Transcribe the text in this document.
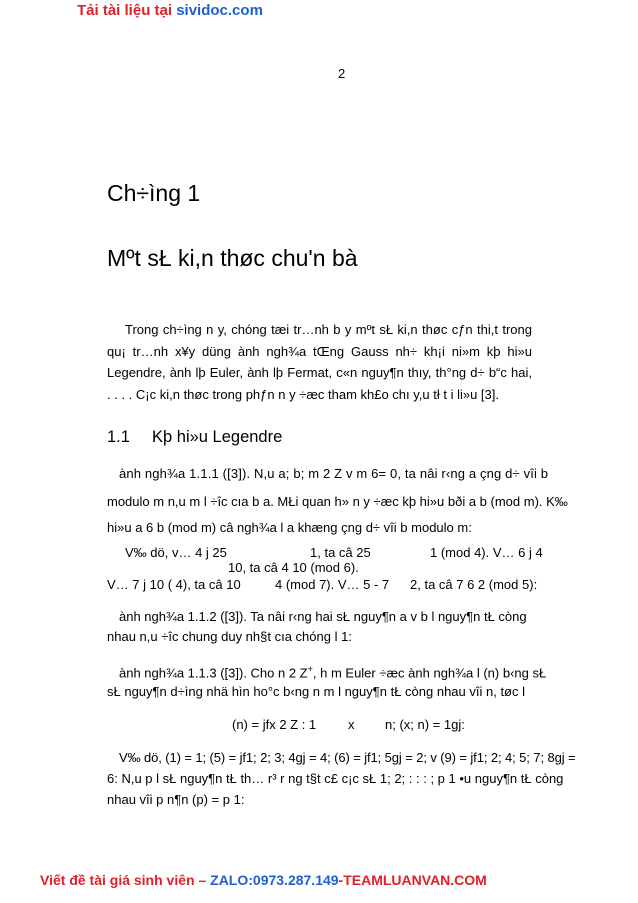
Tải tài liệu tại sividoc.com
2
Ch÷ìng 1
Mºt sŁ ki,n thøc chu'n bà

Trong ch÷ìng n y, chóng tæi tr…nh b y mºt sŁ ki,n thøc cƒn thi,t trong qu¡ tr…nh x¥y düng ành ngh¾a tŒng Gauss nh÷ kh¡i ni»m kþ hi»u Legendre, ành lþ Euler, ành lþ Fermat, c«n nguy¶n thıy, th°ng d÷ b“c hai, . . . . C¡c ki,n thøc trong phƒn n y ÷æc tham kh£o chı y,u tł t i li»u [3].

1.1 Kþ hi»u Legendre
ành ngh¾a 1.1.1 ([3]). N,u a; b; m 2 Z v m 6= 0, ta nâi r‹ng a çng d÷ vîi b
modulo m n,u m l ÷îc cıa b a. MŁi quan h» n y ÷æc kþ hi»u bði a b (mod m). K‰
hi»u a 6 b (mod m) câ ngh¾a l a khæng çng d÷ vîi b modulo m:
V‰ dö, v… 4 j 25	1, ta câ 25	1 (mod 4). V… 6 j 4
10, ta câ 4 10 (mod 6).
V… 7 j 10 ( 4), ta câ 10	4 (mod 7). V… 5 - 7 2, ta câ 7 6 2 (mod 5):
ành ngh¾a 1.1.2 ([3]). Ta nâi r‹ng hai sŁ nguy¶n a v b l nguy¶n tŁ còng
nhau n,u ÷îc chung duy nh§t cıa chóng l 1:
ành ngh¾a 1.1.3 ([3]). Cho n 2 Z+, h m Euler ÷æc ành ngh¾a l (n) b‹ng sŁ
sŁ nguy¶n d÷ìng nhä hìn ho°c b‹ng n m l nguy¶n tŁ còng nhau vîi n, tøc l
(n) = jfx 2 Z : 1 x n; (x; n) = 1gj:
V‰ dö, (1) = 1; (5) = jf1; 2; 3; 4gj = 4; (6) = jf1; 5gj = 2; v (9) = jf1; 2; 4; 5; 7; 8gj =
6: N,u p l sŁ nguy¶n tŁ th… r³ r ng t§t c£ c¡c sŁ 1; 2; : : : ; p 1 •u nguy¶n tŁ còng
nhau vîi p n¶n (p) = p 1:
Viết đề tài giá sinh viên – ZALO:0973.287.149-TEAMLUANVAN.COM
